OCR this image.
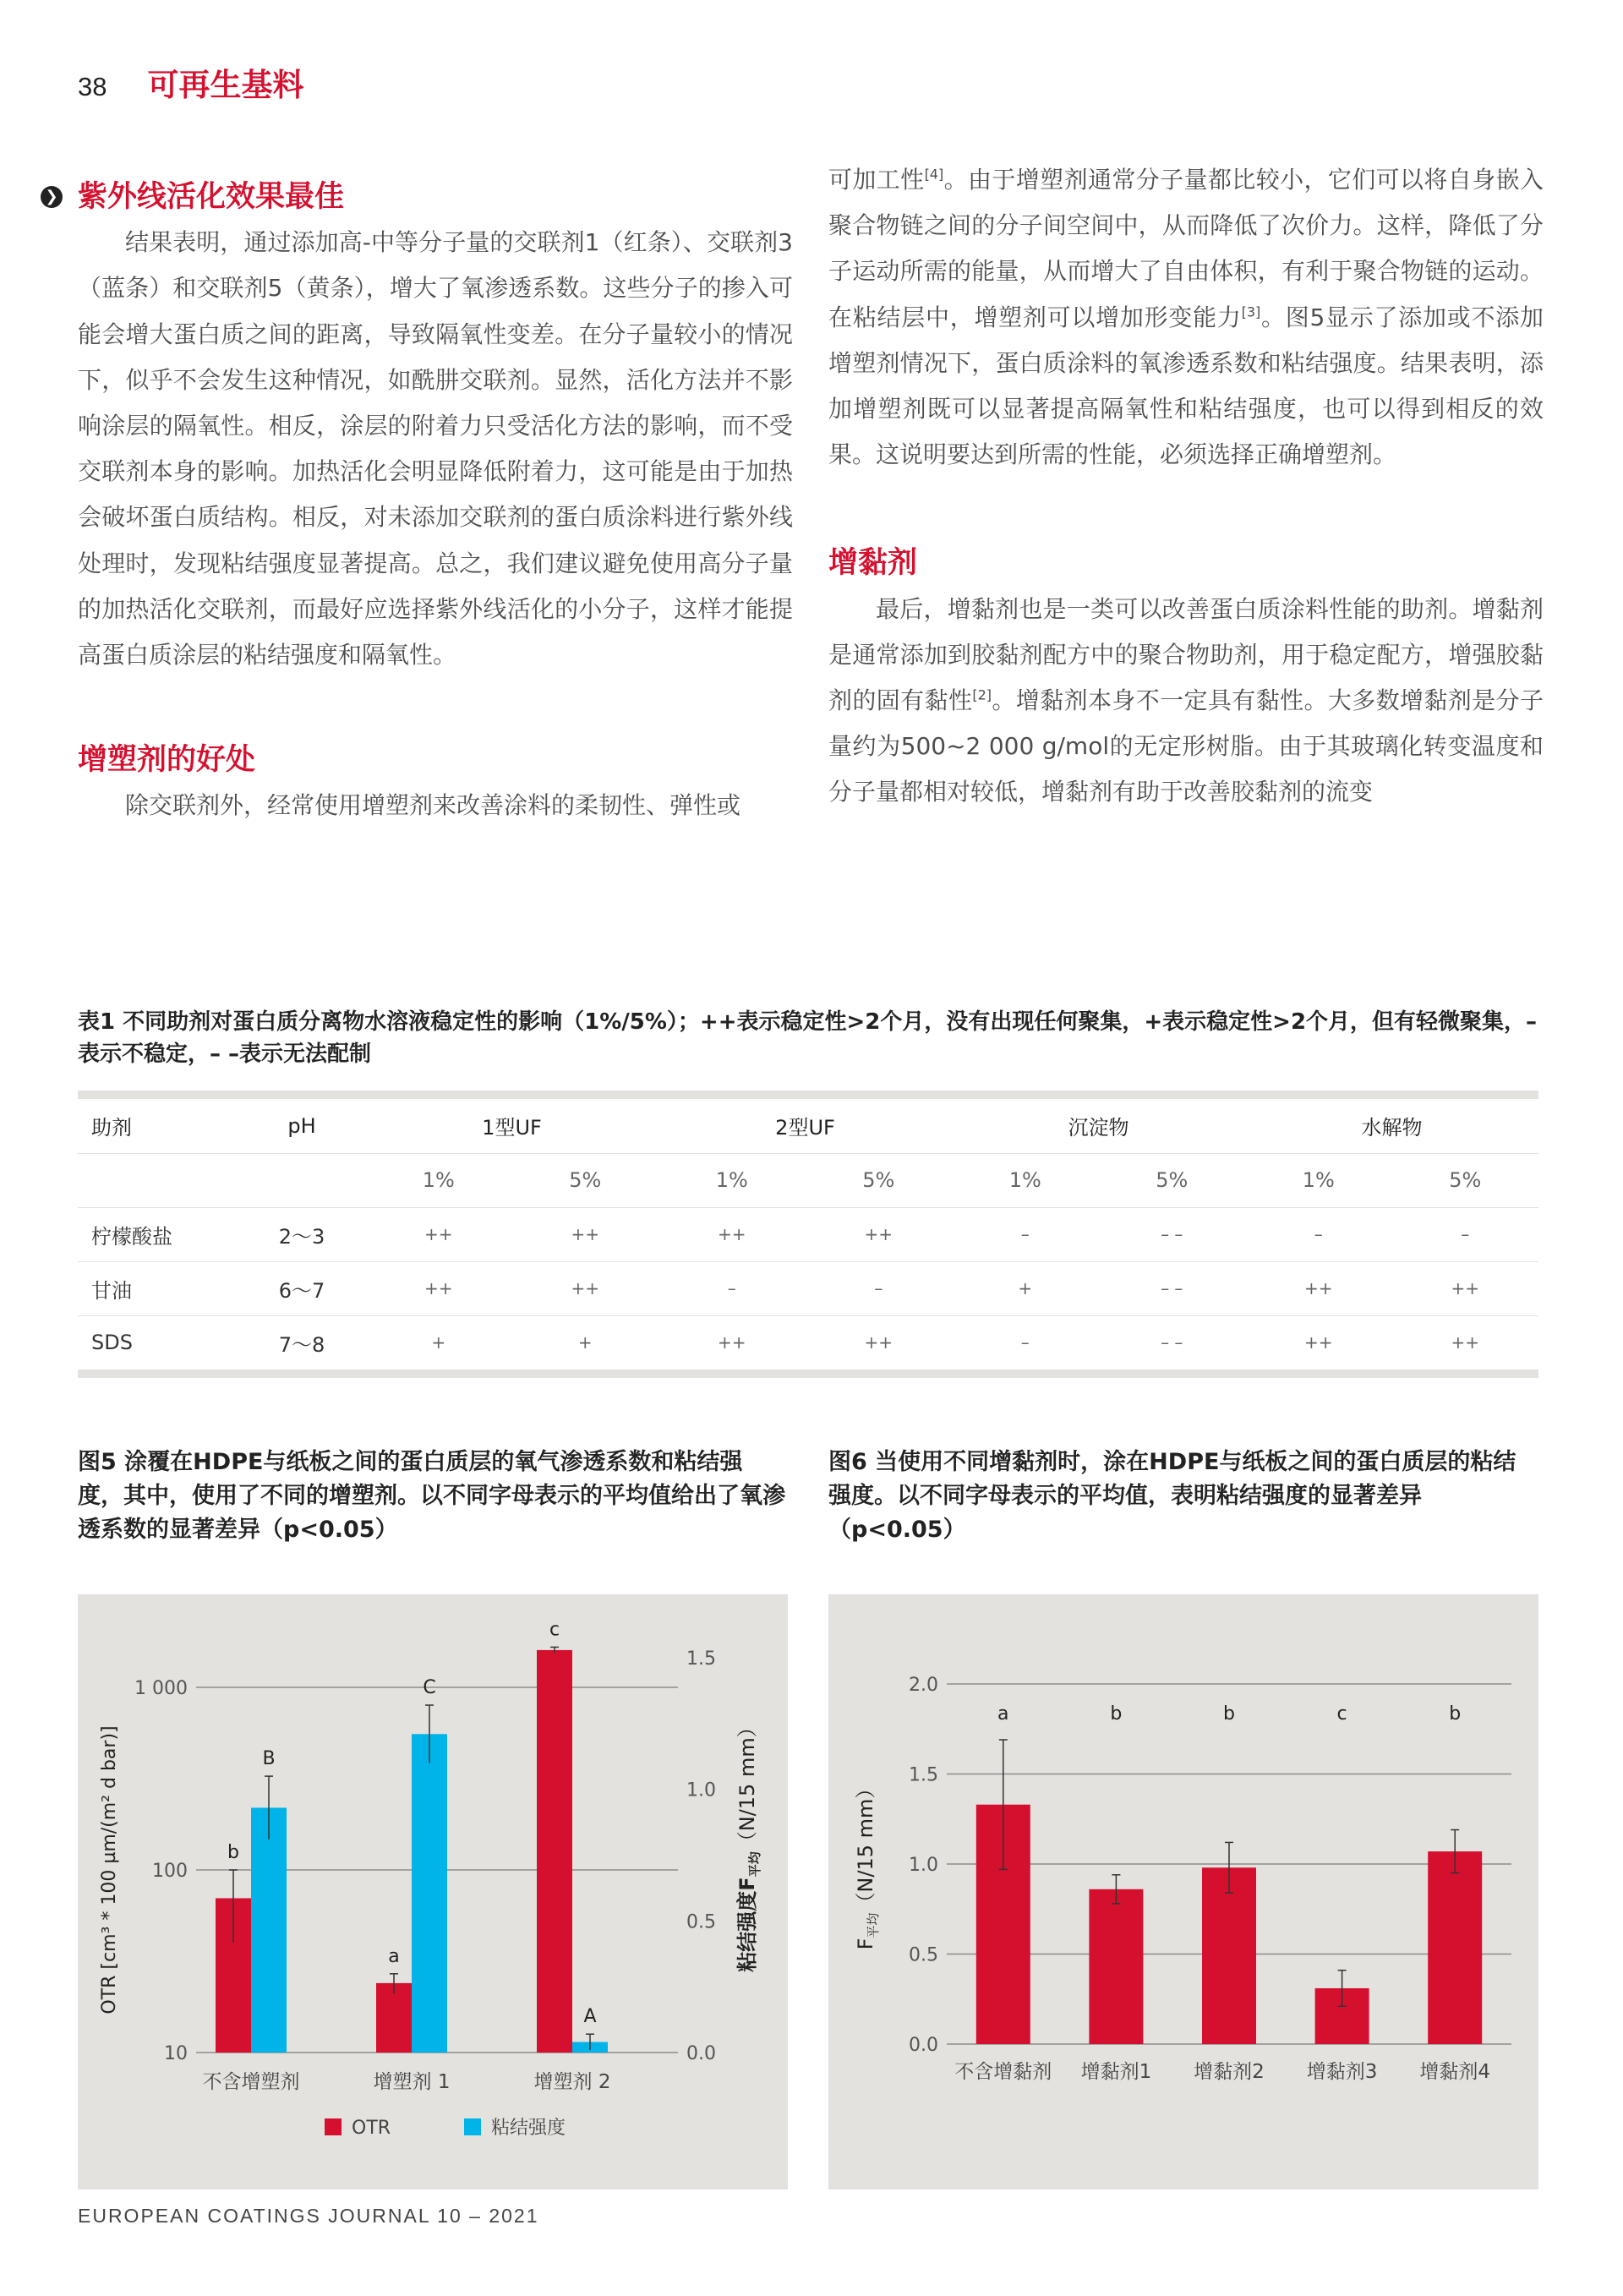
38 可再生基料
❯ 紫外线活化效果最佳

结果表明，通过添加高-中等分子量的交联剂1（红条）、交联剂3（蓝条）和交联剂5（黄条），增大了氧渗透系数。这些分子的掺入可能会增大蛋白质之间的距离，导致隔氧性变差。在分子量较小的情况下，似乎不会发生这种情况，如酰肼交联剂。显然，活化方法并不影响涂层的隔氧性。相反，涂层的附着力只受活化方法的影响，而不受交联剂本身的影响。加热活化会明显降低附着力，这可能是由于加热会破坏蛋白质结构。相反，对未添加交联剂的蛋白质涂料进行紫外线处理时，发现粘结强度显著提高。总之，我们建议避免使用高分子量的加热活化交联剂，而最好应选择紫外线活化的小分子，这样才能提高蛋白质涂层的粘结强度和隔氧性。

增塑剂的好处

除交联剂外，经常使用增塑剂来改善涂料的柔韧性、弹性或

可加工性[4]。由于增塑剂通常分子量都比较小，它们可以将自身嵌入聚合物链之间的分子间空间中，从而降低了次价力。这样，降低了分子运动所需的能量，从而增大了自由体积，有利于聚合物链的运动。在粘结层中，增塑剂可以增加形变能力[3]。图5显示了添加或不添加增塑剂情况下，蛋白质涂料的氧渗透系数和粘结强度。结果表明，添加增塑剂既可以显著提高隔氧性和粘结强度，也可以得到相反的效果。这说明要达到所需的性能，必须选择正确增塑剂。

增黏剂

最后，增黏剂也是一类可以改善蛋白质涂料性能的助剂。增黏剂是通常添加到胶黏剂配方中的聚合物助剂，用于稳定配方，增强胶黏剂的固有黏性[2]。增黏剂本身不一定具有黏性。大多数增黏剂是分子量约为500~2 000 g/mol的无定形树脂。由于其玻璃化转变温度和分子量都相对较低，增黏剂有助于改善胶黏剂的流变

表1 不同助剂对蛋白质分离物水溶液稳定性的影响（1%/5%）；++表示稳定性>2个月，没有出现任何聚集，+表示稳定性>2个月，但有轻微聚集，–表示不稳定，– –表示无法配制
助剂	pH	1型UF		2型UF		沉淀物		水解物	
		1%	5%	1%	5%	1%	5%	1%	5%
柠檬酸盐	2～3	++	++	++	++	–	– –	–	–
甘油	6～7	++	++	–	–	+	– –	++	++
SDS	7～8	+	+	++	++	–	– –	++	++
图5 涂覆在HDPE与纸板之间的蛋白质层的氧气渗透系数和粘结强度，其中，使用了不同的增塑剂。以不同字母表示的平均值给出了氧渗透系数的显著差异（p<0.05）
图6 当使用不同增黏剂时，涂在HDPE与纸板之间的蛋白质层的粘结强度。以不同字母表示的平均值，表明粘结强度的显著差异（p<0.05）
10
100
1 000
0.0
0.5
1.0
1.5
OTR [cm³ * 100 µm/(m² d bar)]	粘结强度$F_{平均}(N/15$ mm）
b
B
不含增塑剂
a
C
增塑剂 1
c
A
增塑剂 2
OTR	粘结强度
0.0
0.5
1.0
1.5
2.0
$F_{平均}(N/15$ mm）
a
不含增黏剂
b
增黏剂1
b
增黏剂2
c
增黏剂3
b
增黏剂4
EUROPEAN COATINGS JOURNAL 10 – 2021
